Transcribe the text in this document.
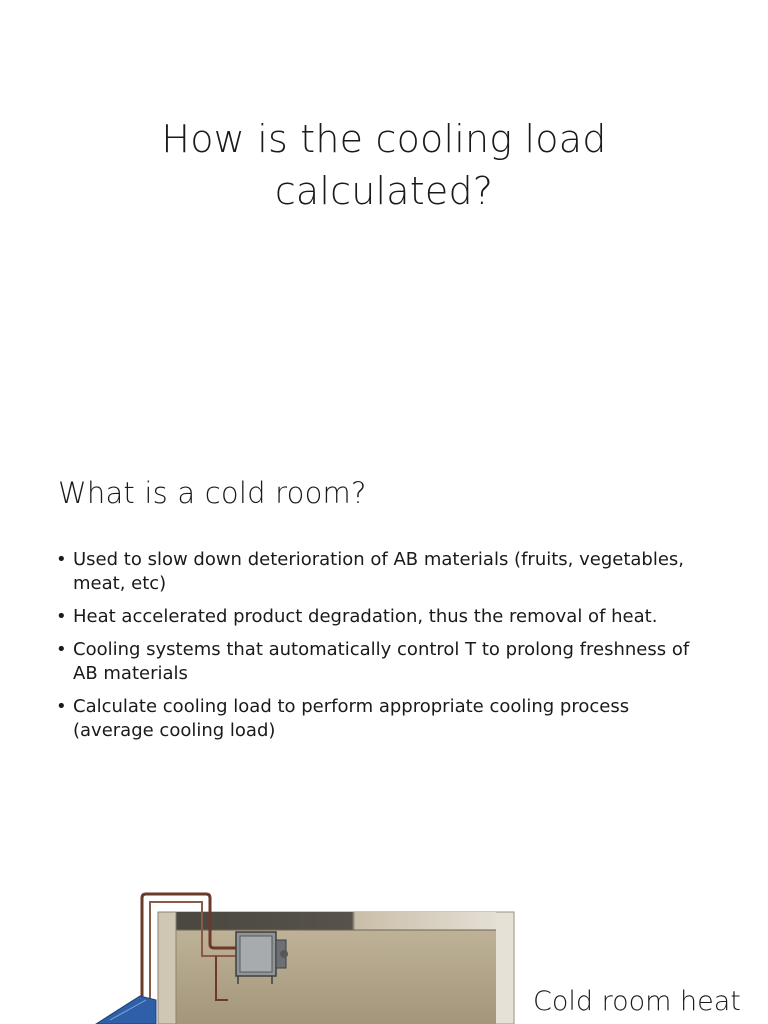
How is the cooling load
calculated?
What is a cold room?
• Used to slow down deterioration of AB materials (fruits, vegetables,
meat, etc)
• Heat accelerated product degradation, thus the removal of heat.
• Cooling systems that automatically control T to prolong freshness of
AB materials
• Calculate cooling load to perform appropriate cooling process
(average cooling load)
Cold room heat
